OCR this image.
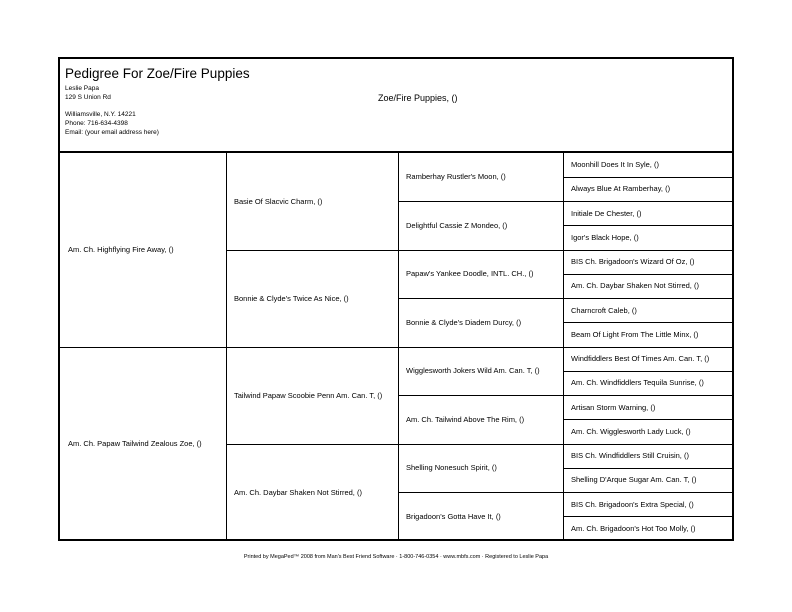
Pedigree For Zoe/Fire Puppies
Leslie Papa
129 S Union Rd

Williamsville, N.Y. 14221
Phone: 716-634-4398
Email: (your email address here)
Zoe/Fire Puppies, ()
Am. Ch. Highflying Fire Away, ()
Am. Ch. Papaw Tailwind Zealous Zoe, ()
Basie Of Slacvic Charm, ()
Bonnie & Clyde's Twice As Nice, ()
Tailwind Papaw Scoobie Penn Am. Can. T, ()
Am. Ch. Daybar Shaken Not Stirred, ()
Ramberhay Rustler's Moon, ()
Delightful Cassie Z Mondeo, ()
Papaw's Yankee Doodle, INTL. CH., ()
Bonnie & Clyde's Diadem Durcy, ()
Wigglesworth Jokers Wild Am. Can. T, ()
Am. Ch. Tailwind Above The Rim, ()
Shelling Nonesuch Spirit, ()
Brigadoon's Gotta Have It, ()
Moonhill Does It In Syle, ()
Always Blue At Ramberhay, ()
Initiale De Chester, ()
Igor's Black Hope, ()
BIS Ch. Brigadoon's Wizard Of Oz, ()
Am. Ch. Daybar Shaken Not Stirred, ()
Charncroft Caleb, ()
Beam Of Light From The Little Minx, ()
Windfiddlers Best Of Times Am. Can. T, ()
Am. Ch. Windfiddlers Tequila Sunrise, ()
Artisan Storm Warning, ()
Am. Ch. Wigglesworth Lady Luck, ()
BIS Ch. Windfiddlers Still Cruisin, ()
Shelling D'Arque Sugar Am. Can. T, ()
BIS Ch. Brigadoon's Extra Special, ()
Am. Ch. Brigadoon's Hot Too Molly, ()
Printed by MegaPed™ 2008 from Man's Best Friend Software · 1-800-746-0354 · www.mbfs.com · Registered to Leslie Papa
